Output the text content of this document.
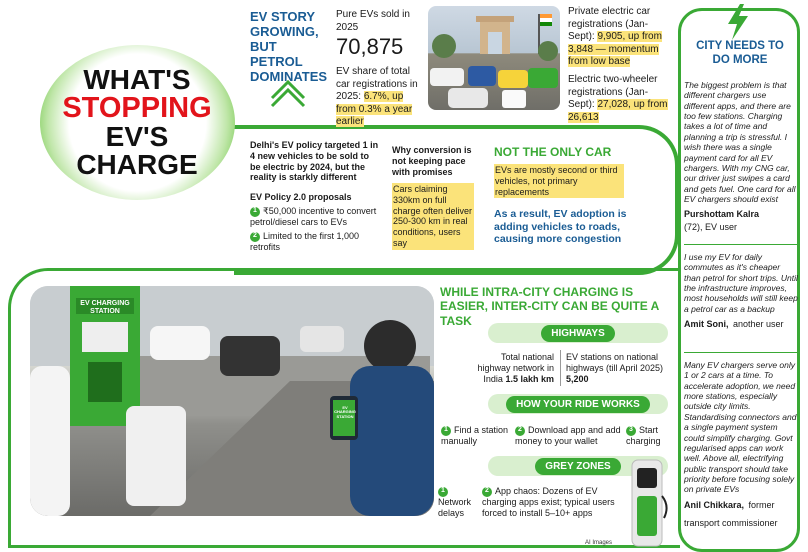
WHAT'S
STOPPING
EV'S
CHARGE
EV STORY GROWING, BUT PETROL DOMINATES
Pure EVs sold in 2025
70,875
EV share of total car registrations in 2025: 6.7%, up from 0.3% a year earlier
Private electric car registrations (Jan-Sept): 9,905, up from 3,848 — momentum from low base
Electric two-wheeler registrations (Jan-Sept): 27,028, up from 26,613
Delhi's EV policy targeted 1 in 4 new vehicles to be sold to be electric by 2024, but the reality is starkly different
EV Policy 2.0 proposals
1 ₹50,000 incentive to convert petrol/diesel cars to EVs
2 Limited to the first 1,000 retrofits
Why conversion is not keeping pace with promises
Cars claiming 330km on full charge often deliver 250-300 km in real conditions, users say
NOT THE ONLY CAR
EVs are mostly second or third vehicles, not primary replacements
As a result, EV adoption is adding vehicles to roads, causing more congestion
EV CHARGING STATION
EV CHARGING STATION
WHILE INTRA-CITY CHARGING IS EASIER, INTER-CITY CAN BE QUITE A TASK
HIGHWAYS
Total national highway network in India 1.5 lakh km
EV stations on national highways (till April 2025) 5,200
HOW YOUR RIDE WORKS
1 Find a station manually
2 Download app and add money to your wallet
3 Start charging
GREY ZONES
1Network delays
2 App chaos: Dozens of EV charging apps exist; typical users forced to install 5–10+ apps
AI Images
CITY NEEDS TO DO MORE
The biggest problem is that different chargers use different apps, and there are too few stations. Charging takes a lot of time and planning a trip is stressful. I wish there was a single payment card for all EV chargers. With my CNG car, our driver just swipes a card and gets fuel. One card for all EV chargers should exist
Purshottam Kalra
(72), EV user
I use my EV for daily commutes as it's cheaper than petrol for short trips. Until the infrastructure improves, most households will still keep a petrol car as a backup
Amit Soni, another user
Many EV chargers serve only 1 or 2 cars at a time. To accelerate adoption, we need more stations, especially outside city limits. Standardising connectors and a single payment system could simplify charging. Govt regularised apps can work well. Above all, electrifying public transport should take priority before focusing solely on private EVs
Anil Chikkara, former transport commissioner
